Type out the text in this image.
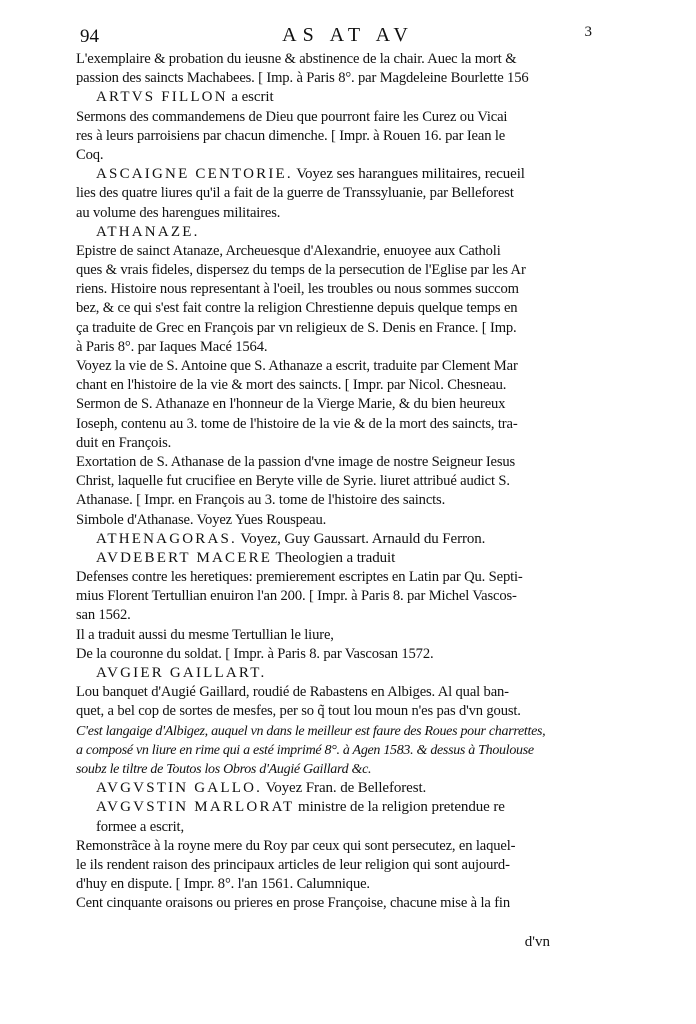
94	AS AT AV	3
L'exemplaire & probation du ieusne & abstinence de la chair. Auec la mort &
passion des saincts Machabees. [ Imp. à Paris 8°. par Magdeleine Bourlette 156
ARTVS FILLON a escrit
Sermons des commandemens de Dieu que pourront faire les Curez ou Vicai
res à leurs parroisiens par chacun dimenche. [ Impr. à Rouen 16. par Iean le
Coq.
ASCAIGNE CENTORIE. Voyez ses harangues militaires, recueil
lies des quatre liures qu'il a fait de la guerre de Transsyluanie, par Belleforest
au volume des harengues militaires.
ATHANAZE.
Epistre de sainct Atanaze, Archeuesque d'Alexandrie, enuoyee aux Catholi
ques & vrais fideles, dispersez du temps de la persecution de l'Eglise par les Ar
riens. Histoire nous representant à l'oeil, les troubles ou nous sommes succom
bez, & ce qui s'est fait contre la religion Chrestienne depuis quelque temps en
ça traduite de Grec en François par vn religieux de S. Denis en France. [ Imp.
à Paris 8°. par Iaques Macé 1564.
Voyez la vie de S. Antoine que S. Athanaze a escrit, traduite par Clement Mar
chant en l'histoire de la vie & mort des saincts. [ Impr. par Nicol. Chesneau.
Sermon de S. Athanaze en l'honneur de la Vierge Marie, & du bien heureux
Ioseph, contenu au 3. tome de l'histoire de la vie & de la mort des saincts, tra-
duit en François.
Exortation de S. Athanase de la passion d'vne image de nostre Seigneur Iesus
Christ, laquelle fut crucifiee en Beryte ville de Syrie. liuret attribué audict S.
Athanase. [ Impr. en François au 3. tome de l'histoire des saincts.
Simbole d'Athanase. Voyez Yues Rouspeau.
ATHENAGORAS. Voyez, Guy Gaussart. Arnauld du Ferron.
AVDEBERT MACERE Theologien a traduit
Defenses contre les heretiques: premierement escriptes en Latin par Qu. Septi-
mius Florent Tertullian enuiron l'an 200. [ Impr. à Paris 8. par Michel Vascos-
san 1562.
Il a traduit aussi du mesme Tertullian le liure,
De la couronne du soldat. [ Impr. à Paris 8. par Vascosan 1572.
AVGIER GAILLART.
Lou banquet d'Augié Gaillard, roudié de Rabastens en Albiges. Al qual ban-
quet, a bel cop de sortes de mesfes, per so q̃ tout lou moun n'es pas d'vn goust.
C'est langaige d'Albigez, auquel vn dans le meilleur est faure des Roues pour charrettes,
a composé vn liure en rime qui a esté imprimé 8°. à Agen 1583. & dessus à Thoulouse
soubz le tiltre de Toutos los Obros d'Augié Gaillard &c.
AVGVSTIN GALLO. Voyez Fran. de Belleforest.
AVGVSTIN MARLORAT ministre de la religion pretendue re
formee a escrit,
Remonstrãce à la royne mere du Roy par ceux qui sont persecutez, en laquel-
le ils rendent raison des principaux articles de leur religion qui sont aujourd-
d'huy en dispute. [ Impr. 8°. l'an 1561. Calumnique.
Cent cinquante oraisons ou prieres en prose Françoise, chacune mise à la fin
d'vn
